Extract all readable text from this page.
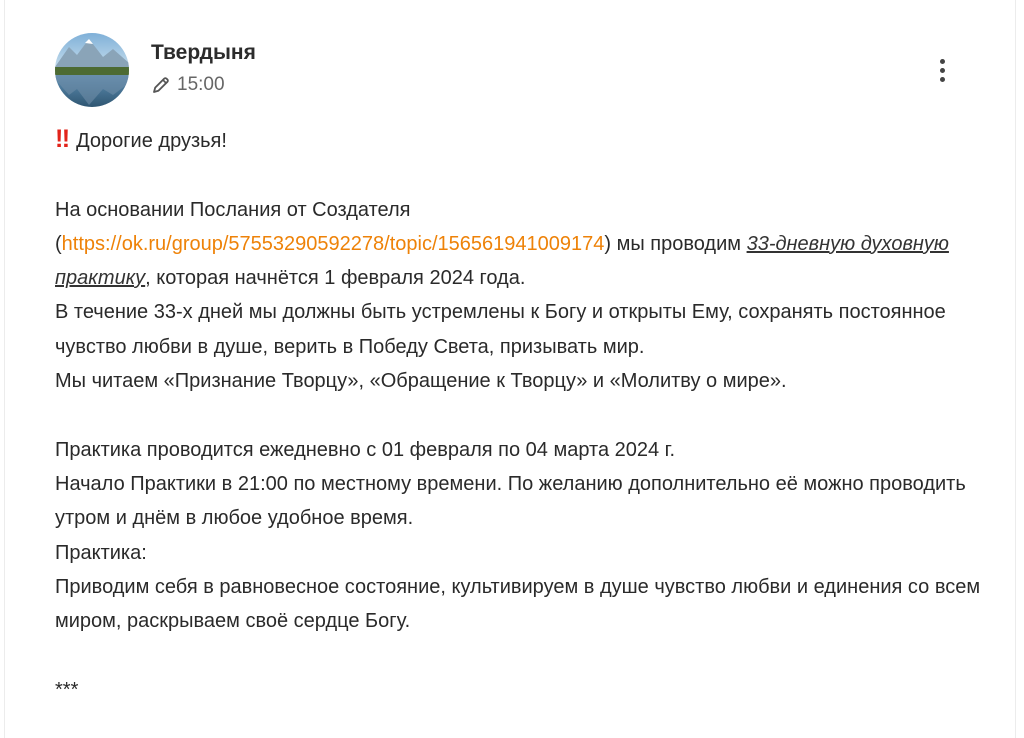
Твердыня
15:00

‼ Дорогие друзья!

На основании Послания от Создателя
(https://ok.ru/group/57553290592278/topic/156561941009174) мы проводим 33-дневную духовную практику, которая начнётся 1 февраля 2024 года.

В течение 33-х дней мы должны быть устремлены к Богу и открыты Ему, сохранять постоянное чувство любви в душе, верить в Победу Света, призывать мир.

Мы читаем «Признание Творцу», «Обращение к Творцу» и «Молитву о мире».

Практика проводится ежедневно с 01 февраля по 04 марта 2024 г.

Начало Практики в 21:00 по местному времени. По желанию дополнительно её можно проводить утром и днём в любое удобное время.

Практика:

Приводим себя в равновесное состояние, культивируем в душе чувство любви и единения со всем миром, раскрываем своё сердце Богу.

***
